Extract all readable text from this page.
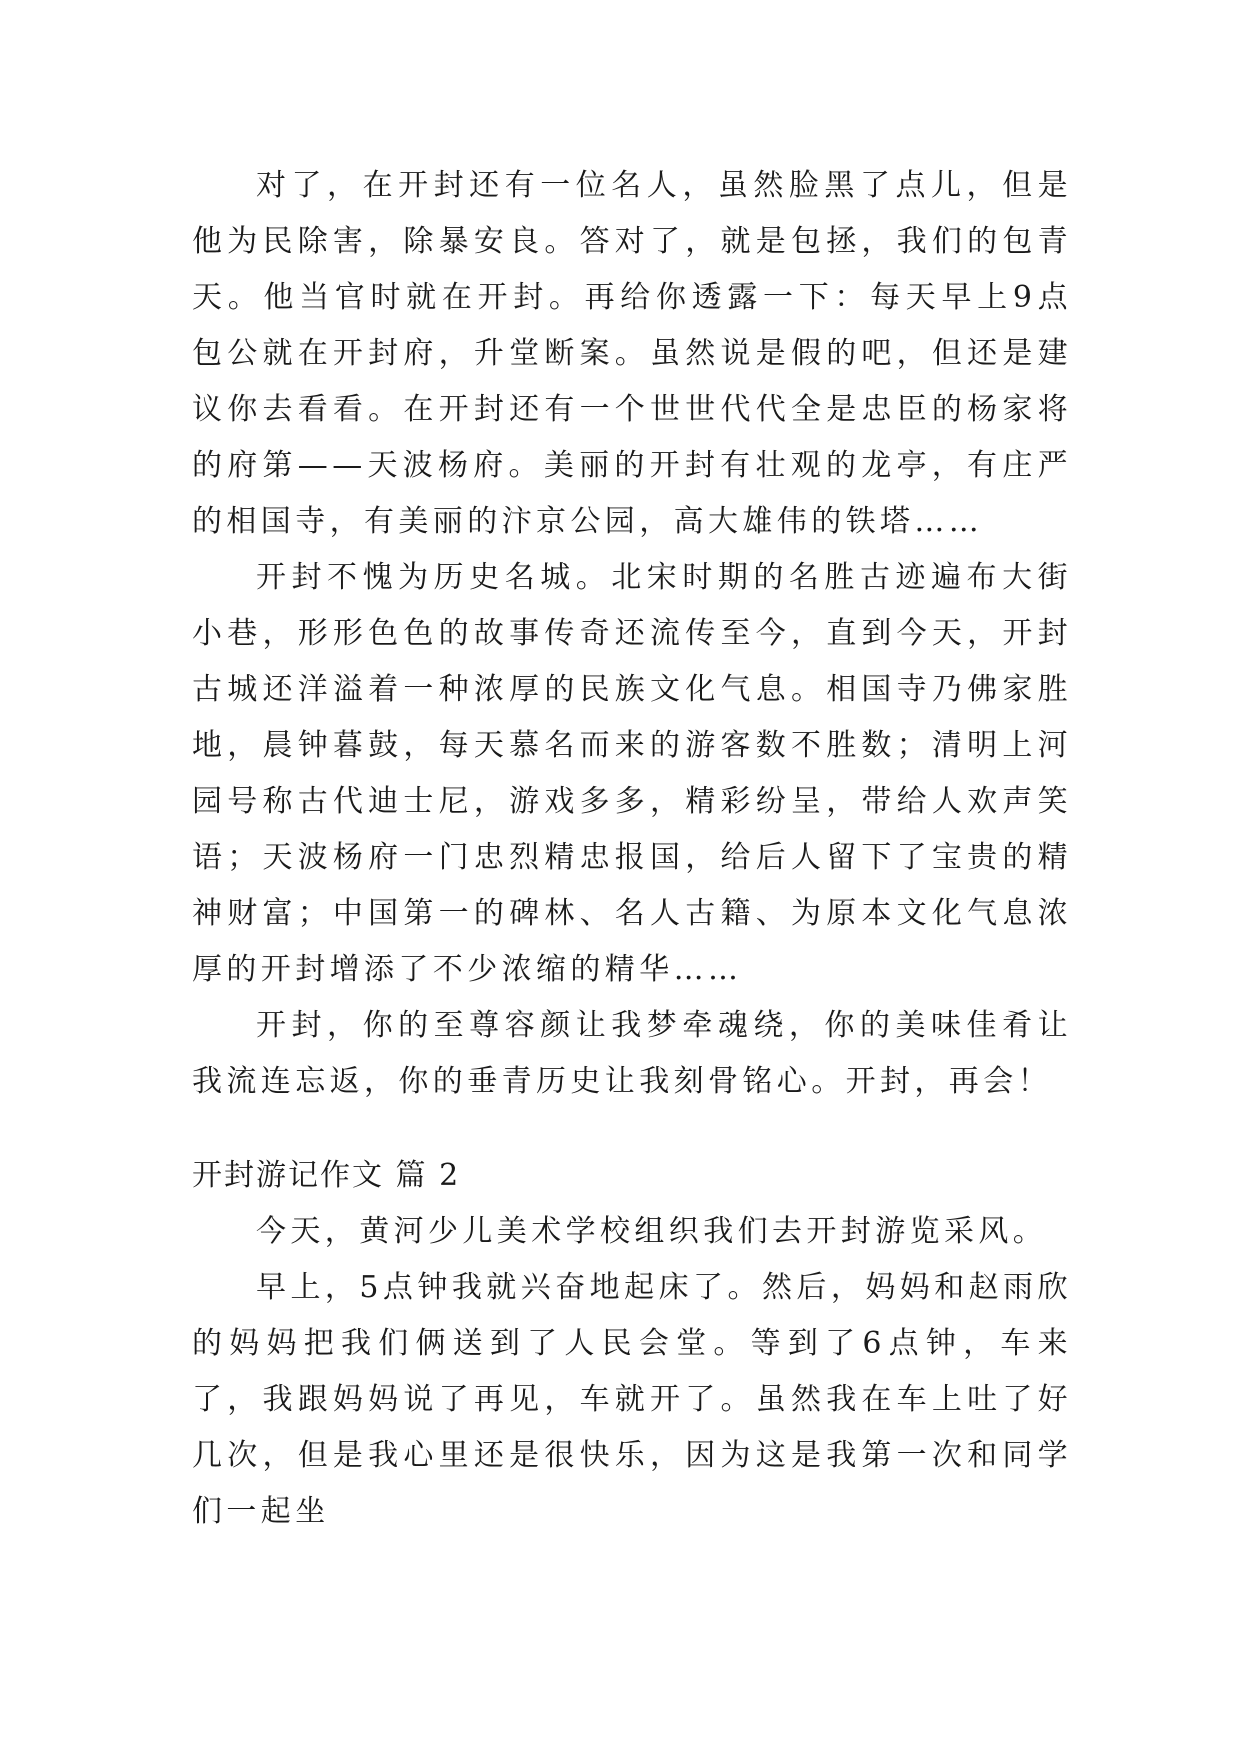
对了，在开封还有一位名人，虽然脸黑了点儿，但是他为民除害，除暴安良。答对了，就是包拯，我们的包青天。他当官时就在开封。再给你透露一下：每天早上9点包公就在开封府，升堂断案。虽然说是假的吧，但还是建议你去看看。在开封还有一个世世代代全是忠臣的杨家将的府第——天波杨府。美丽的开封有壮观的龙亭，有庄严的相国寺，有美丽的汴京公园，高大雄伟的铁塔……

开封不愧为历史名城。北宋时期的名胜古迹遍布大街小巷，形形色色的故事传奇还流传至今，直到今天，开封古城还洋溢着一种浓厚的民族文化气息。相国寺乃佛家胜地，晨钟暮鼓，每天慕名而来的游客数不胜数；清明上河园号称古代迪士尼，游戏多多，精彩纷呈，带给人欢声笑语；天波杨府一门忠烈精忠报国，给后人留下了宝贵的精神财富；中国第一的碑林、名人古籍、为原本文化气息浓厚的开封增添了不少浓缩的精华……

开封，你的至尊容颜让我梦牵魂绕，你的美味佳肴让我流连忘返，你的垂青历史让我刻骨铭心。开封，再会！

开封游记作文 篇 2

今天，黄河少儿美术学校组织我们去开封游览采风。

早上，5点钟我就兴奋地起床了。然后，妈妈和赵雨欣的妈妈把我们俩送到了人民会堂。等到了6点钟，车来了，我跟妈妈说了再见，车就开了。虽然我在车上吐了好几次，但是我心里还是很快乐，因为这是我第一次和同学们一起坐
